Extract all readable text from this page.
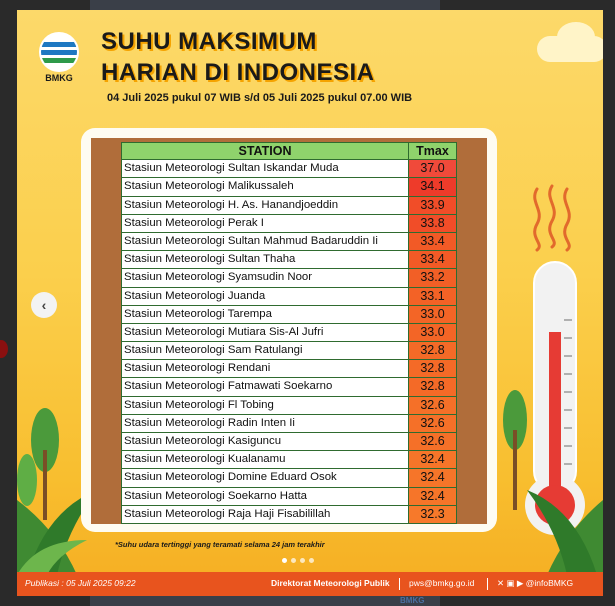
BMKG
BMKG
SUHU MAKSIMUM
HARIAN DI INDONESIA
04 Juli 2025 pukul 07 WIB s/d 05 Juli 2025 pukul 07.00 WIB
STATION	Tmax
Stasiun Meteorologi Sultan Iskandar Muda	37.0
Stasiun Meteorologi Malikussaleh	34.1
Stasiun Meteorologi H. As. Hanandjoeddin	33.9
Stasiun Meteorologi Perak I	33.8
Stasiun Meteorologi Sultan Mahmud Badaruddin Ii	33.4
Stasiun Meteorologi Sultan Thaha	33.4
Stasiun Meteorologi Syamsudin Noor	33.2
Stasiun Meteorologi Juanda	33.1
Stasiun Meteorologi Tarempa	33.0
Stasiun Meteorologi Mutiara Sis-Al Jufri	33.0
Stasiun Meteorologi Sam Ratulangi	32.8
Stasiun Meteorologi Rendani	32.8
Stasiun Meteorologi Fatmawati Soekarno	32.8
Stasiun Meteorologi Fl Tobing	32.6
Stasiun Meteorologi Radin Inten Ii	32.6
Stasiun Meteorologi Kasiguncu	32.6
Stasiun Meteorologi Kualanamu	32.4
Stasiun Meteorologi Domine Eduard Osok	32.4
Stasiun Meteorologi Soekarno Hatta	32.4
Stasiun Meteorologi Raja Haji Fisabilillah	32.3
*Suhu udara tertinggi yang teramati selama 24 jam terakhir
Publikasi : 05 Juli 2025 09:22	Direktorat Meteorologi Publik pws@bmkg.go.id	✕ ▣ ▶ @infoBMKG
‹
